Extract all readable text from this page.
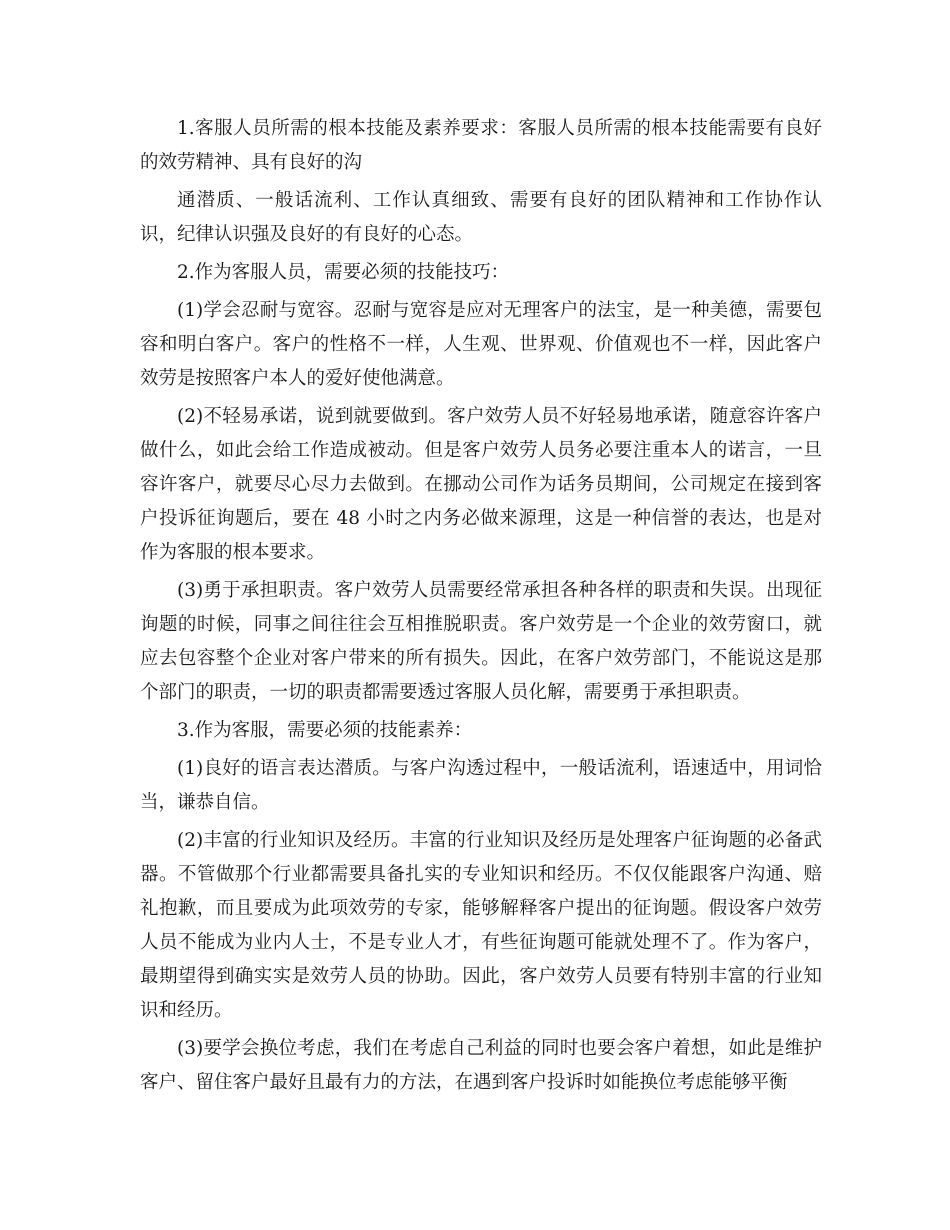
1.客服人员所需的根本技能及素养要求：客服人员所需的根本技能需要有良好的效劳精神、具有良好的沟

通潜质、一般话流利、工作认真细致、需要有良好的团队精神和工作协作认识，纪律认识强及良好的有良好的心态。

2.作为客服人员，需要必须的技能技巧：

(1)学会忍耐与宽容。忍耐与宽容是应对无理客户的法宝，是一种美德，需要包容和明白客户。客户的性格不一样，人生观、世界观、价值观也不一样，因此客户效劳是按照客户本人的爱好使他满意。

(2)不轻易承诺，说到就要做到。客户效劳人员不好轻易地承诺，随意容许客户做什么，如此会给工作造成被动。但是客户效劳人员务必要注重本人的诺言，一旦容许客户，就要尽心尽力去做到。在挪动公司作为话务员期间，公司规定在接到客户投诉征询题后，要在 48 小时之内务必做来源理，这是一种信誉的表达，也是对作为客服的根本要求。

(3)勇于承担职责。客户效劳人员需要经常承担各种各样的职责和失误。出现征询题的时候，同事之间往往会互相推脱职责。客户效劳是一个企业的效劳窗口，就应去包容整个企业对客户带来的所有损失。因此，在客户效劳部门，不能说这是那个部门的职责，一切的职责都需要透过客服人员化解，需要勇于承担职责。

3.作为客服，需要必须的技能素养：

(1)良好的语言表达潜质。与客户沟透过程中，一般话流利，语速适中，用词恰当，谦恭自信。

(2)丰富的行业知识及经历。丰富的行业知识及经历是处理客户征询题的必备武器。不管做那个行业都需要具备扎实的专业知识和经历。不仅仅能跟客户沟通、赔礼抱歉，而且要成为此项效劳的专家，能够解释客户提出的征询题。假设客户效劳人员不能成为业内人士，不是专业人才，有些征询题可能就处理不了。作为客户，最期望得到确实实是效劳人员的协助。因此，客户效劳人员要有特别丰富的行业知识和经历。

(3)要学会换位考虑，我们在考虑自己利益的同时也要会客户着想，如此是维护客户、留住客户最好且最有力的方法，在遇到客户投诉时如能换位考虑能够平衡
